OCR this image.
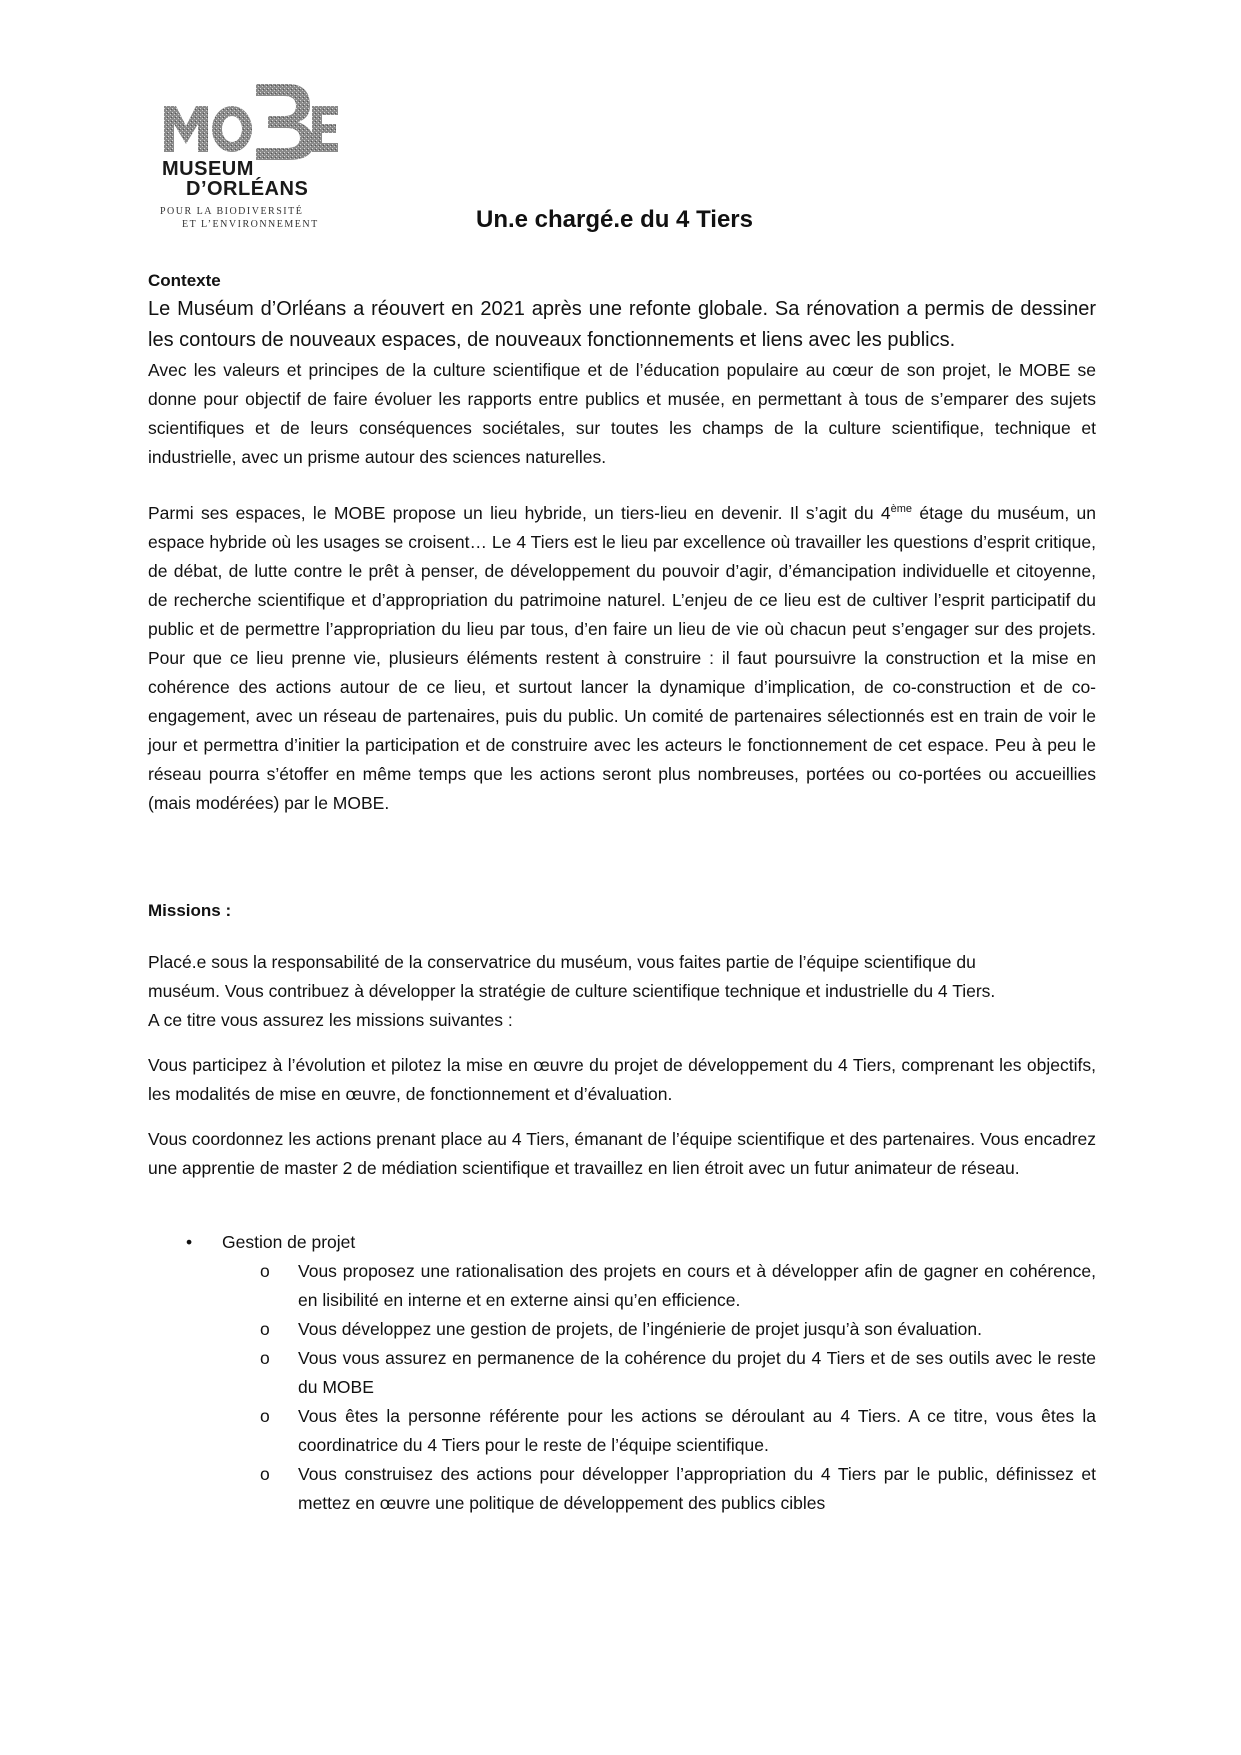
MUSEUM
D’ORLÉANS
POUR LA BIODIVERSITÉ
ET L’ENVIRONNEMENT	Un.e chargé.e du 4 Tiers

Contexte

Le Muséum d’Orléans a réouvert en 2021 après une refonte globale. Sa rénovation a permis de dessiner les contours de nouveaux espaces, de nouveaux fonctionnements et liens avec les publics.

Avec les valeurs et principes de la culture scientifique et de l’éducation populaire au cœur de son projet, le MOBE se donne pour objectif de faire évoluer les rapports entre publics et musée, en permettant à tous de s’emparer des sujets scientifiques et de leurs conséquences sociétales, sur toutes les champs de la culture scientifique, technique et industrielle, avec un prisme autour des sciences naturelles.

Parmi ses espaces, le MOBE propose un lieu hybride, un tiers-lieu en devenir. Il s’agit du 4ème étage du muséum, un espace hybride où les usages se croisent… Le 4 Tiers est le lieu par excellence où travailler les questions d’esprit critique, de débat, de lutte contre le prêt à penser, de développement du pouvoir d’agir, d’émancipation individuelle et citoyenne, de recherche scientifique et d’appropriation du patrimoine naturel. L’enjeu de ce lieu est de cultiver l’esprit participatif du public et de permettre l’appropriation du lieu par tous, d’en faire un lieu de vie où chacun peut s’engager sur des projets. Pour que ce lieu prenne vie, plusieurs éléments restent à construire : il faut poursuivre la construction et la mise en cohérence des actions autour de ce lieu, et surtout lancer la dynamique d’implication, de co-construction et de co-engagement, avec un réseau de partenaires, puis du public. Un comité de partenaires sélectionnés est en train de voir le jour et permettra d’initier la participation et de construire avec les acteurs le fonctionnement de cet espace. Peu à peu le réseau pourra s’étoffer en même temps que les actions seront plus nombreuses, portées ou co-portées ou accueillies (mais modérées) par le MOBE.

Missions :

Placé.e sous la responsabilité de la conservatrice du muséum, vous faites partie de l’équipe scientifique du
muséum. Vous contribuez à développer la stratégie de culture scientifique technique et industrielle du 4 Tiers.
A ce titre vous assurez les missions suivantes :

Vous participez à l’évolution et pilotez la mise en œuvre du projet de développement du 4 Tiers, comprenant les objectifs, les modalités de mise en œuvre, de fonctionnement et d’évaluation.

Vous coordonnez les actions prenant place au 4 Tiers, émanant de l’équipe scientifique et des partenaires. Vous encadrez une apprentie de master 2 de médiation scientifique et travaillez en lien étroit avec un futur animateur de réseau.

• Gestion de projet
o Vous proposez une rationalisation des projets en cours et à développer afin de gagner en cohérence, en lisibilité en interne et en externe ainsi qu’en efficience.
o Vous développez une gestion de projets, de l’ingénierie de projet jusqu’à son évaluation.
o Vous vous assurez en permanence de la cohérence du projet du 4 Tiers et de ses outils avec le reste du MOBE
o Vous êtes la personne référente pour les actions se déroulant au 4 Tiers. A ce titre, vous êtes la coordinatrice du 4 Tiers pour le reste de l’équipe scientifique.
o Vous construisez des actions pour développer l’appropriation du 4 Tiers par le public, définissez et mettez en œuvre une politique de développement des publics cibles
